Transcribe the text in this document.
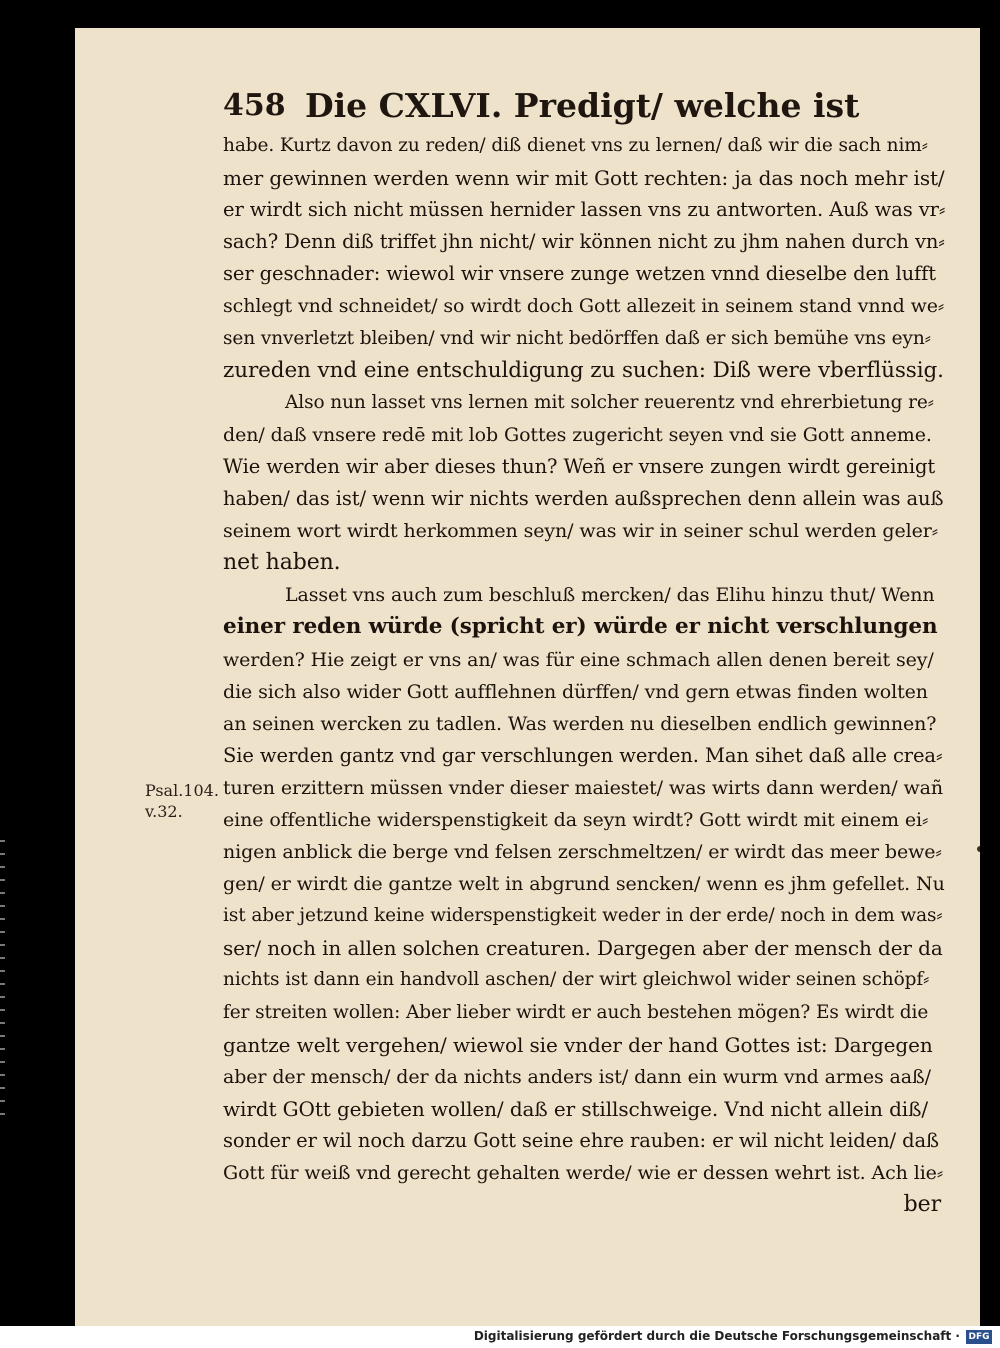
458 Die CXLVI. Predigt/ welche ist
Psal.104.
v.32.
habe. Kurtz davon zu reden/ diß dienet vns zu lernen/ daß wir die sach nim⸗
mer gewinnen werden wenn wir mit Gott rechten: ja das noch mehr ist/
er wirdt sich nicht müssen hernider lassen vns zu antworten. Auß was vr⸗
sach? Denn diß triffet jhn nicht/ wir können nicht zu jhm nahen durch vn⸗
ser geschnader: wiewol wir vnsere zunge wetzen vnnd dieselbe den lufft
schlegt vnd schneidet/ so wirdt doch Gott allezeit in seinem stand vnnd we⸗
sen vnverletzt bleiben/ vnd wir nicht bedörffen daß er sich bemühe vns eyn⸗
zureden vnd eine entschuldigung zu suchen: Diß were vberflüssig.
Also nun lasset vns lernen mit solcher reuerentz vnd ehrerbietung re⸗
den/ daß vnsere redē mit lob Gottes zugericht seyen vnd sie Gott anneme.
Wie werden wir aber dieses thun? Weñ er vnsere zungen wirdt gereinigt
haben/ das ist/ wenn wir nichts werden außsprechen denn allein was auß
seinem wort wirdt herkommen seyn/ was wir in seiner schul werden geler⸗
net haben.
Lasset vns auch zum beschluß mercken/ das Elihu hinzu thut/ Wenn
einer reden würde (spricht er) würde er nicht verschlungen
werden? Hie zeigt er vns an/ was für eine schmach allen denen bereit sey/
die sich also wider Gott aufflehnen dürffen/ vnd gern etwas finden wolten
an seinen wercken zu tadlen. Was werden nu dieselben endlich gewinnen?
Sie werden gantz vnd gar verschlungen werden. Man sihet daß alle crea⸗
turen erzittern müssen vnder dieser maiestet/ was wirts dann werden/ wañ
eine offentliche widerspenstigkeit da seyn wirdt? Gott wirdt mit einem ei⸗
nigen anblick die berge vnd felsen zerschmeltzen/ er wirdt das meer bewe⸗
gen/ er wirdt die gantze welt in abgrund sencken/ wenn es jhm gefellet. Nu
ist aber jetzund keine widerspenstigkeit weder in der erde/ noch in dem was⸗
ser/ noch in allen solchen creaturen. Dargegen aber der mensch der da
nichts ist dann ein handvoll aschen/ der wirt gleichwol wider seinen schöpf⸗
fer streiten wollen: Aber lieber wirdt er auch bestehen mögen? Es wirdt die
gantze welt vergehen/ wiewol sie vnder der hand Gottes ist: Dargegen
aber der mensch/ der da nichts anders ist/ dann ein wurm vnd armes aaß/
wirdt GOtt gebieten wollen/ daß er stillschweige. Vnd nicht allein diß/
sonder er wil noch darzu Gott seine ehre rauben: er wil nicht leiden/ daß
Gott für weiß vnd gerecht gehalten werde/ wie er dessen wehrt ist. Ach lie⸗
ber
Digitalisierung gefördert durch die Deutsche Forschungsgemeinschaft · DFG
